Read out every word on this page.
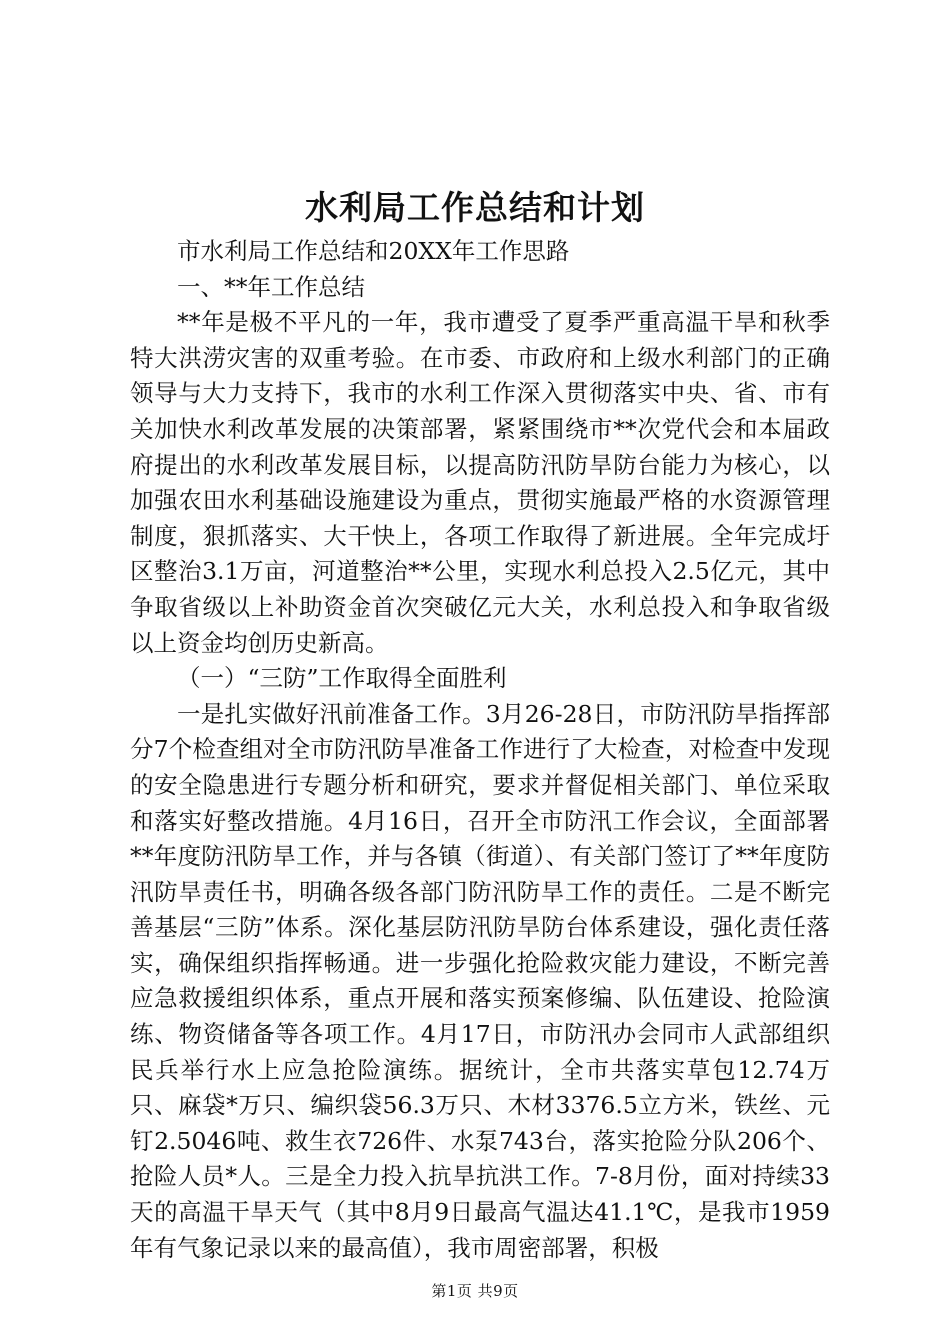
水利局工作总结和计划

市水利局工作总结和20XX年工作思路

一、**年工作总结

**年是极不平凡的一年，我市遭受了夏季严重高温干旱和秋季特大洪涝灾害的双重考验。在市委、市政府和上级水利部门的正确领导与大力支持下，我市的水利工作深入贯彻落实中央、省、市有关加快水利改革发展的决策部署，紧紧围绕市**次党代会和本届政府提出的水利改革发展目标，以提高防汛防旱防台能力为核心，以加强农田水利基础设施建设为重点，贯彻实施最严格的水资源管理制度，狠抓落实、大干快上，各项工作取得了新进展。全年完成圩区整治3.1万亩，河道整治**公里，实现水利总投入2.5亿元，其中争取省级以上补助资金首次突破亿元大关，水利总投入和争取省级以上资金均创历史新高。

（一）“三防”工作取得全面胜利

一是扎实做好汛前准备工作。3月26-28日，市防汛防旱指挥部分7个检查组对全市防汛防旱准备工作进行了大检查，对检查中发现的安全隐患进行专题分析和研究，要求并督促相关部门、单位采取和落实好整改措施。4月16日，召开全市防汛工作会议，全面部署**年度防汛防旱工作，并与各镇（街道）、有关部门签订了**年度防汛防旱责任书，明确各级各部门防汛防旱工作的责任。二是不断完善基层“三防”体系。深化基层防汛防旱防台体系建设，强化责任落实，确保组织指挥畅通。进一步强化抢险救灾能力建设，不断完善应急救援组织体系，重点开展和落实预案修编、队伍建设、抢险演练、物资储备等各项工作。4月17日，市防汛办会同市人武部组织民兵举行水上应急抢险演练。据统计，全市共落实草包12.74万只、麻袋*万只、编织袋56.3万只、木材3376.5立方米，铁丝、元钉2.5046吨、救生衣726件、水泵743台，落实抢险分队206个、抢险人员*人。三是全力投入抗旱抗洪工作。7-8月份，面对持续33天的高温干旱天气（其中8月9日最高气温达41.1℃，是我市1959年有气象记录以来的最高值），我市周密部署，积极

第1页 共9页
